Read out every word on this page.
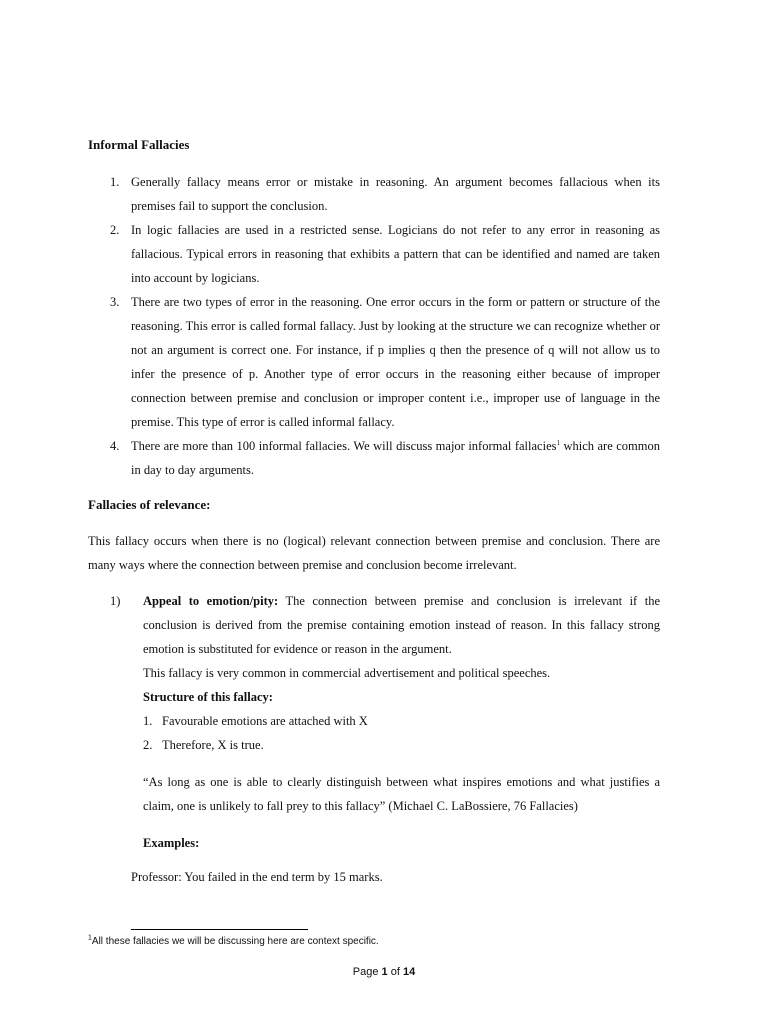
Informal Fallacies
1. Generally fallacy means error or mistake in reasoning. An argument becomes fallacious when its premises fail to support the conclusion.
2. In logic fallacies are used in a restricted sense. Logicians do not refer to any error in reasoning as fallacious. Typical errors in reasoning that exhibits a pattern that can be identified and named are taken into account by logicians.
3. There are two types of error in the reasoning. One error occurs in the form or pattern or structure of the reasoning. This error is called formal fallacy. Just by looking at the structure we can recognize whether or not an argument is correct one. For instance, if p implies q then the presence of q will not allow us to infer the presence of p. Another type of error occurs in the reasoning either because of improper connection between premise and conclusion or improper content i.e., improper use of language in the premise. This type of error is called informal fallacy.
4. There are more than 100 informal fallacies. We will discuss major informal fallacies$^1$ which are common in day to day arguments.
Fallacies of relevance:
This fallacy occurs when there is no (logical) relevant connection between premise and conclusion. There are many ways where the connection between premise and conclusion become irrelevant.
1) Appeal to emotion/pity: The connection between premise and conclusion is irrelevant if the conclusion is derived from the premise containing emotion instead of reason. In this fallacy strong emotion is substituted for evidence or reason in the argument.
This fallacy is very common in commercial advertisement and political speeches.
Structure of this fallacy:
1. Favourable emotions are attached with X
2. Therefore, X is true.
“As long as one is able to clearly distinguish between what inspires emotions and what justifies a claim, one is unlikely to fall prey to this fallacy” (Michael C. LaBossiere, 76 Fallacies)
Examples:
Professor: You failed in the end term by 15 marks.
$^1$All these fallacies we will be discussing here are context specific.
Page 1 of 14
